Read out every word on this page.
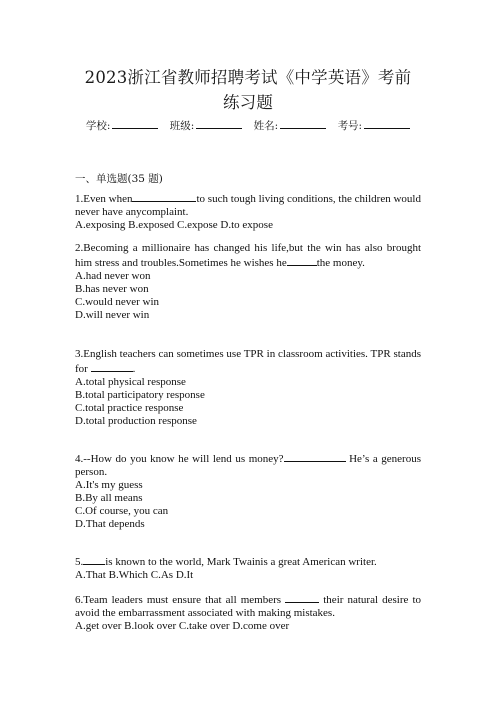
2023浙江省教师招聘考试《中学英语》考前
练习题
学校:	班级:	姓名:	考号:
一、单选题(35 题)
1.Even when	to such tough living conditions, the children would never have anycomplaint.
A.exposing B.exposed C.expose D.to expose
2.Becoming a millionaire has changed his life,but the win has also brought him stress and troubles.Sometimes he wishes he	the money.
A.had never won
B.has never won
C.would never win
D.will never win
3.English teachers can sometimes use TPR in classroom activities. TPR stands for	.
A.total physical response
B.total participatory response
C.total practice response
D.total production response
4.--How do you know he will lend us money?	He’s a generous person.
A.It's my guess
B.By all means
C.Of course, you can
D.That depends
5. is known to the world, Mark Twainis a great American writer.
A.That B.Which C.As D.It
6.Team leaders must ensure that all members	their natural desire to avoid the embarrassment associated with making mistakes.
A.get over B.look over C.take over D.come over
